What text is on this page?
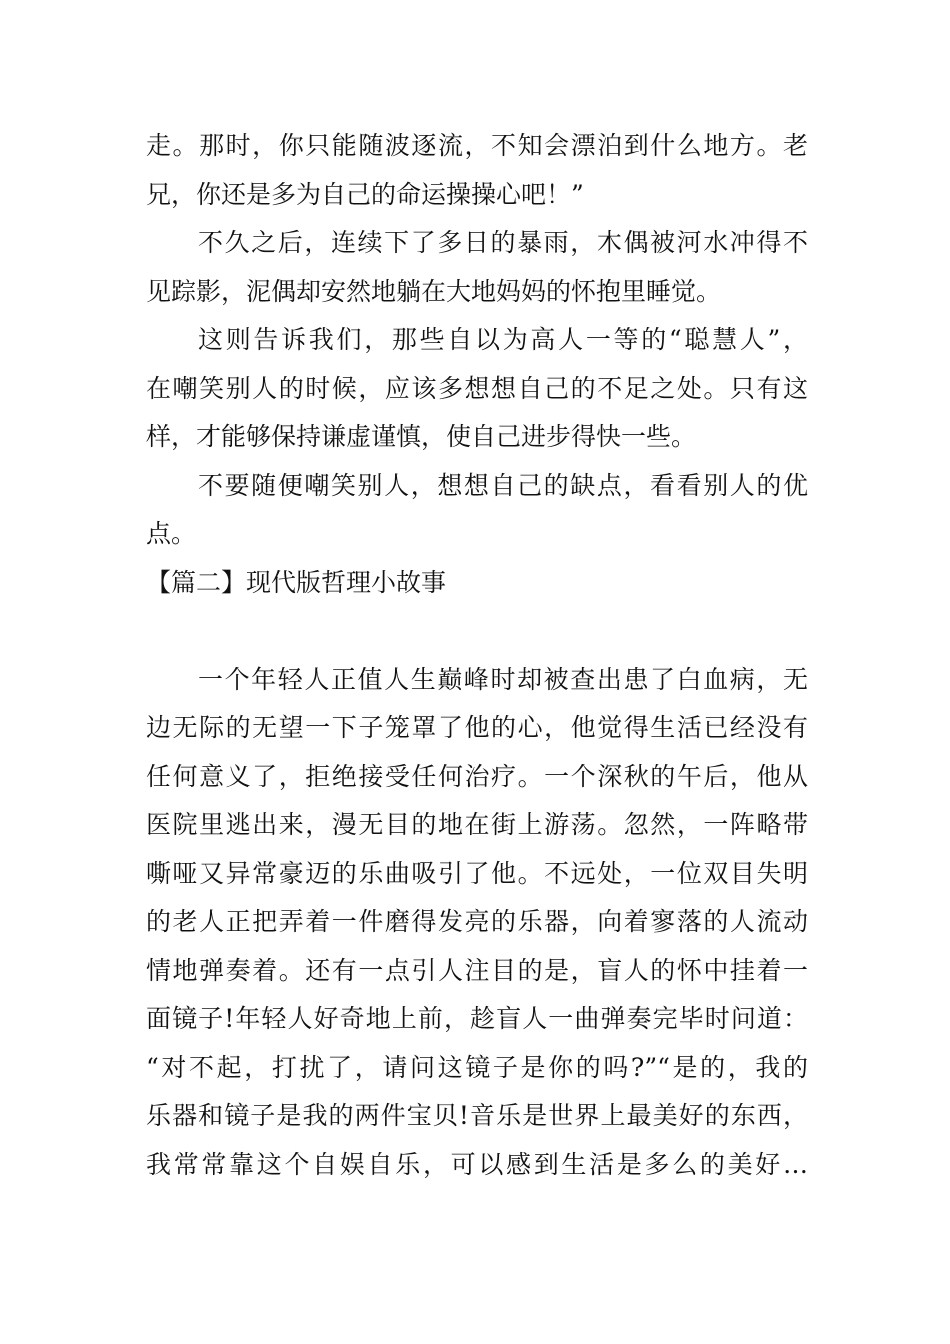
走。那时，你只能随波逐流，不知会漂泊到什么地方。老
兄，你还是多为自己的命运操操心吧！”
不久之后，连续下了多日的暴雨，木偶被河水冲得不
见踪影，泥偶却安然地躺在大地妈妈的怀抱里睡觉。
这则告诉我们，那些自以为高人一等的“聪慧人”，
在嘲笑别人的时候，应该多想想自己的不足之处。只有这
样，才能够保持谦虚谨慎，使自己进步得快一些。
不要随便嘲笑别人，想想自己的缺点，看看别人的优
点。
【篇二】现代版哲理小故事
一个年轻人正值人生巅峰时却被查出患了白血病，无
边无际的无望一下子笼罩了他的心，他觉得生活已经没有
任何意义了，拒绝接受任何治疗。一个深秋的午后，他从
医院里逃出来，漫无目的地在街上游荡。忽然，一阵略带
嘶哑又异常豪迈的乐曲吸引了他。不远处，一位双目失明
的老人正把弄着一件磨得发亮的乐器，向着寥落的人流动
情地弹奏着。还有一点引人注目的是，盲人的怀中挂着一
面镜子!年轻人好奇地上前，趁盲人一曲弹奏完毕时问道：
“对不起，打扰了，请问这镜子是你的吗?”“是的，我的
乐器和镜子是我的两件宝贝!音乐是世界上最美好的东西，
我常常靠这个自娱自乐，可以感到生活是多么的美好…
